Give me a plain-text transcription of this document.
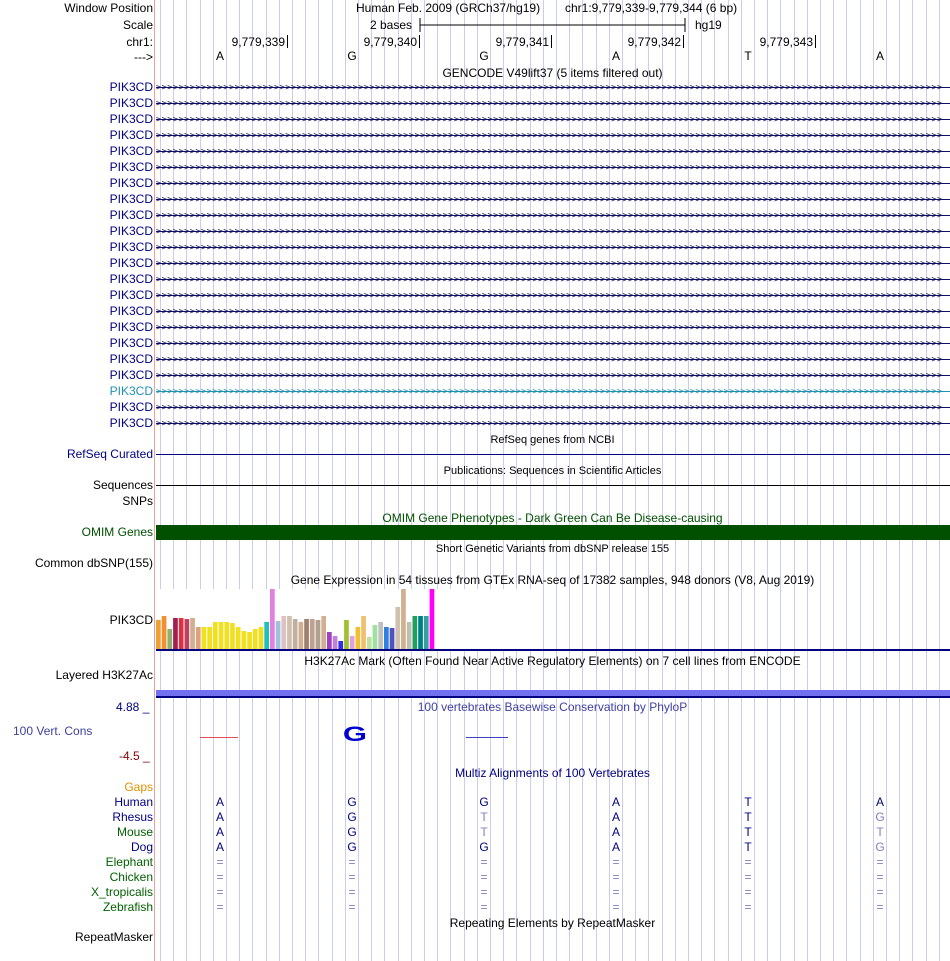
Window Position
Scale
chr1:
--->
Human Feb. 2009 (GRCh37/hg19) chr1:9,779,339-9,779,344 (6 bp)
2 bases	hg19
9,779,339	9,779,340	9,779,341	9,779,342	9,779,343
A	G	G	A	T	A
GENCODE V49lift37 (5 items filtered out)
PIK3CD >>>>>>>>>>>>>>>>>>>>>>>>>>>>>>>>>>>>>>>>>>>>>>>>>>>>>>>>>>>>>>>>>>>>>>>>>>>>>>>>>>>>>>>>>>>>>>>>>>>>>>>>>>>>>>>>>>>>>>>>>>>>>>>>>>>>>>>>>>>>
PIK3CD >>>>>>>>>>>>>>>>>>>>>>>>>>>>>>>>>>>>>>>>>>>>>>>>>>>>>>>>>>>>>>>>>>>>>>>>>>>>>>>>>>>>>>>>>>>>>>>>>>>>>>>>>>>>>>>>>>>>>>>>>>>>>>>>>>>>>>>>>>>>
PIK3CD >>>>>>>>>>>>>>>>>>>>>>>>>>>>>>>>>>>>>>>>>>>>>>>>>>>>>>>>>>>>>>>>>>>>>>>>>>>>>>>>>>>>>>>>>>>>>>>>>>>>>>>>>>>>>>>>>>>>>>>>>>>>>>>>>>>>>>>>>>>>
PIK3CD >>>>>>>>>>>>>>>>>>>>>>>>>>>>>>>>>>>>>>>>>>>>>>>>>>>>>>>>>>>>>>>>>>>>>>>>>>>>>>>>>>>>>>>>>>>>>>>>>>>>>>>>>>>>>>>>>>>>>>>>>>>>>>>>>>>>>>>>>>>>
PIK3CD >>>>>>>>>>>>>>>>>>>>>>>>>>>>>>>>>>>>>>>>>>>>>>>>>>>>>>>>>>>>>>>>>>>>>>>>>>>>>>>>>>>>>>>>>>>>>>>>>>>>>>>>>>>>>>>>>>>>>>>>>>>>>>>>>>>>>>>>>>>>
PIK3CD >>>>>>>>>>>>>>>>>>>>>>>>>>>>>>>>>>>>>>>>>>>>>>>>>>>>>>>>>>>>>>>>>>>>>>>>>>>>>>>>>>>>>>>>>>>>>>>>>>>>>>>>>>>>>>>>>>>>>>>>>>>>>>>>>>>>>>>>>>>>
PIK3CD >>>>>>>>>>>>>>>>>>>>>>>>>>>>>>>>>>>>>>>>>>>>>>>>>>>>>>>>>>>>>>>>>>>>>>>>>>>>>>>>>>>>>>>>>>>>>>>>>>>>>>>>>>>>>>>>>>>>>>>>>>>>>>>>>>>>>>>>>>>>
PIK3CD >>>>>>>>>>>>>>>>>>>>>>>>>>>>>>>>>>>>>>>>>>>>>>>>>>>>>>>>>>>>>>>>>>>>>>>>>>>>>>>>>>>>>>>>>>>>>>>>>>>>>>>>>>>>>>>>>>>>>>>>>>>>>>>>>>>>>>>>>>>>
PIK3CD >>>>>>>>>>>>>>>>>>>>>>>>>>>>>>>>>>>>>>>>>>>>>>>>>>>>>>>>>>>>>>>>>>>>>>>>>>>>>>>>>>>>>>>>>>>>>>>>>>>>>>>>>>>>>>>>>>>>>>>>>>>>>>>>>>>>>>>>>>>>
PIK3CD >>>>>>>>>>>>>>>>>>>>>>>>>>>>>>>>>>>>>>>>>>>>>>>>>>>>>>>>>>>>>>>>>>>>>>>>>>>>>>>>>>>>>>>>>>>>>>>>>>>>>>>>>>>>>>>>>>>>>>>>>>>>>>>>>>>>>>>>>>>>
PIK3CD >>>>>>>>>>>>>>>>>>>>>>>>>>>>>>>>>>>>>>>>>>>>>>>>>>>>>>>>>>>>>>>>>>>>>>>>>>>>>>>>>>>>>>>>>>>>>>>>>>>>>>>>>>>>>>>>>>>>>>>>>>>>>>>>>>>>>>>>>>>>
PIK3CD >>>>>>>>>>>>>>>>>>>>>>>>>>>>>>>>>>>>>>>>>>>>>>>>>>>>>>>>>>>>>>>>>>>>>>>>>>>>>>>>>>>>>>>>>>>>>>>>>>>>>>>>>>>>>>>>>>>>>>>>>>>>>>>>>>>>>>>>>>>>
PIK3CD >>>>>>>>>>>>>>>>>>>>>>>>>>>>>>>>>>>>>>>>>>>>>>>>>>>>>>>>>>>>>>>>>>>>>>>>>>>>>>>>>>>>>>>>>>>>>>>>>>>>>>>>>>>>>>>>>>>>>>>>>>>>>>>>>>>>>>>>>>>>
PIK3CD >>>>>>>>>>>>>>>>>>>>>>>>>>>>>>>>>>>>>>>>>>>>>>>>>>>>>>>>>>>>>>>>>>>>>>>>>>>>>>>>>>>>>>>>>>>>>>>>>>>>>>>>>>>>>>>>>>>>>>>>>>>>>>>>>>>>>>>>>>>>
PIK3CD >>>>>>>>>>>>>>>>>>>>>>>>>>>>>>>>>>>>>>>>>>>>>>>>>>>>>>>>>>>>>>>>>>>>>>>>>>>>>>>>>>>>>>>>>>>>>>>>>>>>>>>>>>>>>>>>>>>>>>>>>>>>>>>>>>>>>>>>>>>>
PIK3CD >>>>>>>>>>>>>>>>>>>>>>>>>>>>>>>>>>>>>>>>>>>>>>>>>>>>>>>>>>>>>>>>>>>>>>>>>>>>>>>>>>>>>>>>>>>>>>>>>>>>>>>>>>>>>>>>>>>>>>>>>>>>>>>>>>>>>>>>>>>>
PIK3CD >>>>>>>>>>>>>>>>>>>>>>>>>>>>>>>>>>>>>>>>>>>>>>>>>>>>>>>>>>>>>>>>>>>>>>>>>>>>>>>>>>>>>>>>>>>>>>>>>>>>>>>>>>>>>>>>>>>>>>>>>>>>>>>>>>>>>>>>>>>>
PIK3CD >>>>>>>>>>>>>>>>>>>>>>>>>>>>>>>>>>>>>>>>>>>>>>>>>>>>>>>>>>>>>>>>>>>>>>>>>>>>>>>>>>>>>>>>>>>>>>>>>>>>>>>>>>>>>>>>>>>>>>>>>>>>>>>>>>>>>>>>>>>>
PIK3CD >>>>>>>>>>>>>>>>>>>>>>>>>>>>>>>>>>>>>>>>>>>>>>>>>>>>>>>>>>>>>>>>>>>>>>>>>>>>>>>>>>>>>>>>>>>>>>>>>>>>>>>>>>>>>>>>>>>>>>>>>>>>>>>>>>>>>>>>>>>>
PIK3CD >>>>>>>>>>>>>>>>>>>>>>>>>>>>>>>>>>>>>>>>>>>>>>>>>>>>>>>>>>>>>>>>>>>>>>>>>>>>>>>>>>>>>>>>>>>>>>>>>>>>>>>>>>>>>>>>>>>>>>>>>>>>>>>>>>>>>>>>>>>>
PIK3CD >>>>>>>>>>>>>>>>>>>>>>>>>>>>>>>>>>>>>>>>>>>>>>>>>>>>>>>>>>>>>>>>>>>>>>>>>>>>>>>>>>>>>>>>>>>>>>>>>>>>>>>>>>>>>>>>>>>>>>>>>>>>>>>>>>>>>>>>>>>>
PIK3CD >>>>>>>>>>>>>>>>>>>>>>>>>>>>>>>>>>>>>>>>>>>>>>>>>>>>>>>>>>>>>>>>>>>>>>>>>>>>>>>>>>>>>>>>>>>>>>>>>>>>>>>>>>>>>>>>>>>>>>>>>>>>>>>>>>>>>>>>>>>>
RefSeq genes from NCBI
RefSeq Curated
Publications: Sequences in Scientific Articles
Sequences
SNPs
OMIM Gene Phenotypes - Dark Green Can Be Disease-causing
OMIM Genes
Short Genetic Variants from dbSNP release 155
Common dbSNP(155)
Gene Expression in 54 tissues from GTEx RNA-seq of 17382 samples, 948 donors (V8, Aug 2019)
PIK3CD
H3K27Ac Mark (Often Found Near Active Regulatory Elements) on 7 cell lines from ENCODE
Layered H3K27Ac
4.88 _	100 vertebrates Basewise Conservation by PhyloP
100 Vert. Cons
-4.5 _
G
Multiz Alignments of 100 Vertebrates
Gaps
Human	A	G	G	A	T	A
Rhesus	A	G	T	A	T	G
Mouse	A	G	T	A	T	T
Dog	A	G	G	A	T	G
Elephant	=	=	=	=	=	=
Chicken	=	=	=	=	=	=
X_tropicalis	=	=	=	=	=	=
Zebrafish	=	=	=	=	=	=
Repeating Elements by RepeatMasker
RepeatMasker
